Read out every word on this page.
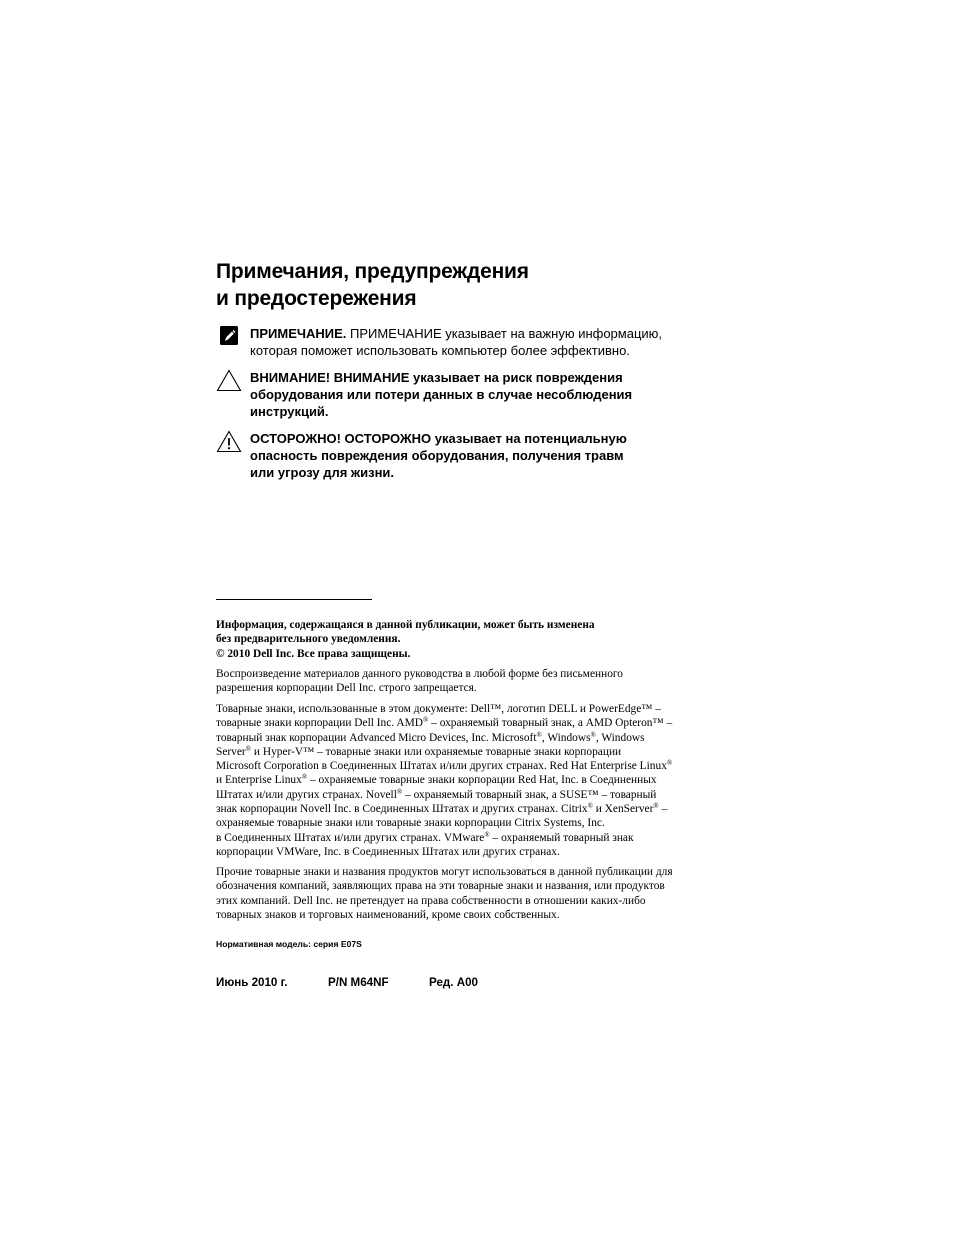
Примечания, предупреждения
и предостережения
ПРИМЕЧАНИЕ. ПРИМЕЧАНИЕ указывает на важную информацию,
которая поможет использовать компьютер более эффективно.
ВНИМАНИЕ! ВНИМАНИЕ указывает на риск повреждения
оборудования или потери данных в случае несоблюдения
инструкций.
ОСТОРОЖНО! ОСТОРОЖНО указывает на потенциальную
опасность повреждения оборудования, получения травм
или угрозу для жизни.
Информация, содержащаяся в данной публикации, может быть изменена
без предварительного уведомления.
© 2010 Dell Inc. Все права защищены.
Воспроизведение материалов данного руководства в любой форме без письменного
разрешения корпорации Dell Inc. строго запрещается.
Товарные знаки, использованные в этом документе: Dell™, логотип DELL и PowerEdge™ –
товарные знаки корпорации Dell Inc. AMD® – охраняемый товарный знак, а AMD Opteron™ –
товарный знак корпорации Advanced Micro Devices, Inc. Microsoft®, Windows®, Windows
Server® и Hyper-V™ – товарные знаки или охраняемые товарные знаки корпорации
Microsoft Corporation в Соединенных Штатах и/или других странах. Red Hat Enterprise Linux®
и Enterprise Linux® – охраняемые товарные знаки корпорации Red Hat, Inc. в Соединенных
Штатах и/или других странах. Novell® – охраняемый товарный знак, а SUSE™ – товарный
знак корпорации Novell Inc. в Соединенных Штатах и других странах. Citrix® и XenServer® –
охраняемые товарные знаки или товарные знаки корпорации Citrix Systems, Inc.
в Соединенных Штатах и/или других странах. VMware® – охраняемый товарный знак
корпорации VMWare, Inc. в Соединенных Штатах или других странах.
Прочие товарные знаки и названия продуктов могут использоваться в данной публикации для
обозначения компаний, заявляющих права на эти товарные знаки и названия, или продуктов
этих компаний. Dell Inc. не претендует на права собственности в отношении каких-либо
товарных знаков и торговых наименований, кроме своих собственных.
Нормативная модель: серия E07S
Июнь 2010 г.	P/N M64NF	Ред. A00
